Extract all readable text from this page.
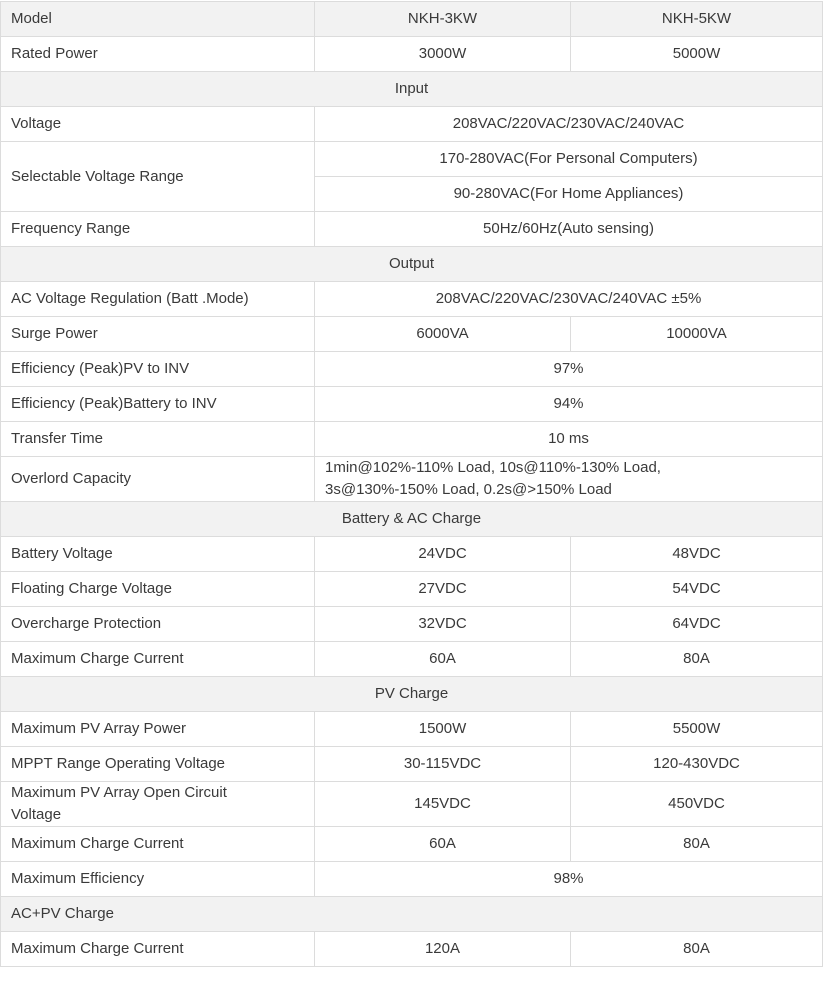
Model	NKH-3KW	NKH-5KW
Rated Power	3000W	5000W
Input		
Voltage	208VAC/220VAC/230VAC/240VAC	
Selectable Voltage Range	170-280VAC(For Personal Computers)	
	90-280VAC(For Home Appliances)	
Frequency Range	50Hz/60Hz(Auto sensing)	
Output		
AC Voltage Regulation (Batt .Mode)	208VAC/220VAC/230VAC/240VAC ±5%	
Surge Power	6000VA	10000VA
Efficiency (Peak)PV to INV	97%	
Efficiency (Peak)Battery to INV	94%	
Transfer Time	10 ms	
Overlord Capacity	1min@102%-110% Load, 10s@110%-130% Load,
3s@130%-150% Load, 0.2s@>150% Load	

Battery & AC Charge		
Battery Voltage	24VDC	48VDC
Floating Charge Voltage	27VDC	54VDC
Overcharge Protection	32VDC	64VDC
Maximum Charge Current	60A	80A
PV Charge		
Maximum PV Array Power	1500W	5500W
MPPT Range Operating Voltage	30-115VDC	120-430VDC

Maximum PV Array Open Circuit
Voltage	145VDC	450VDC
Maximum Charge Current	60A	80A
Maximum Efficiency	98%	
AC+PV Charge		
Maximum Charge Current	120A	80A
